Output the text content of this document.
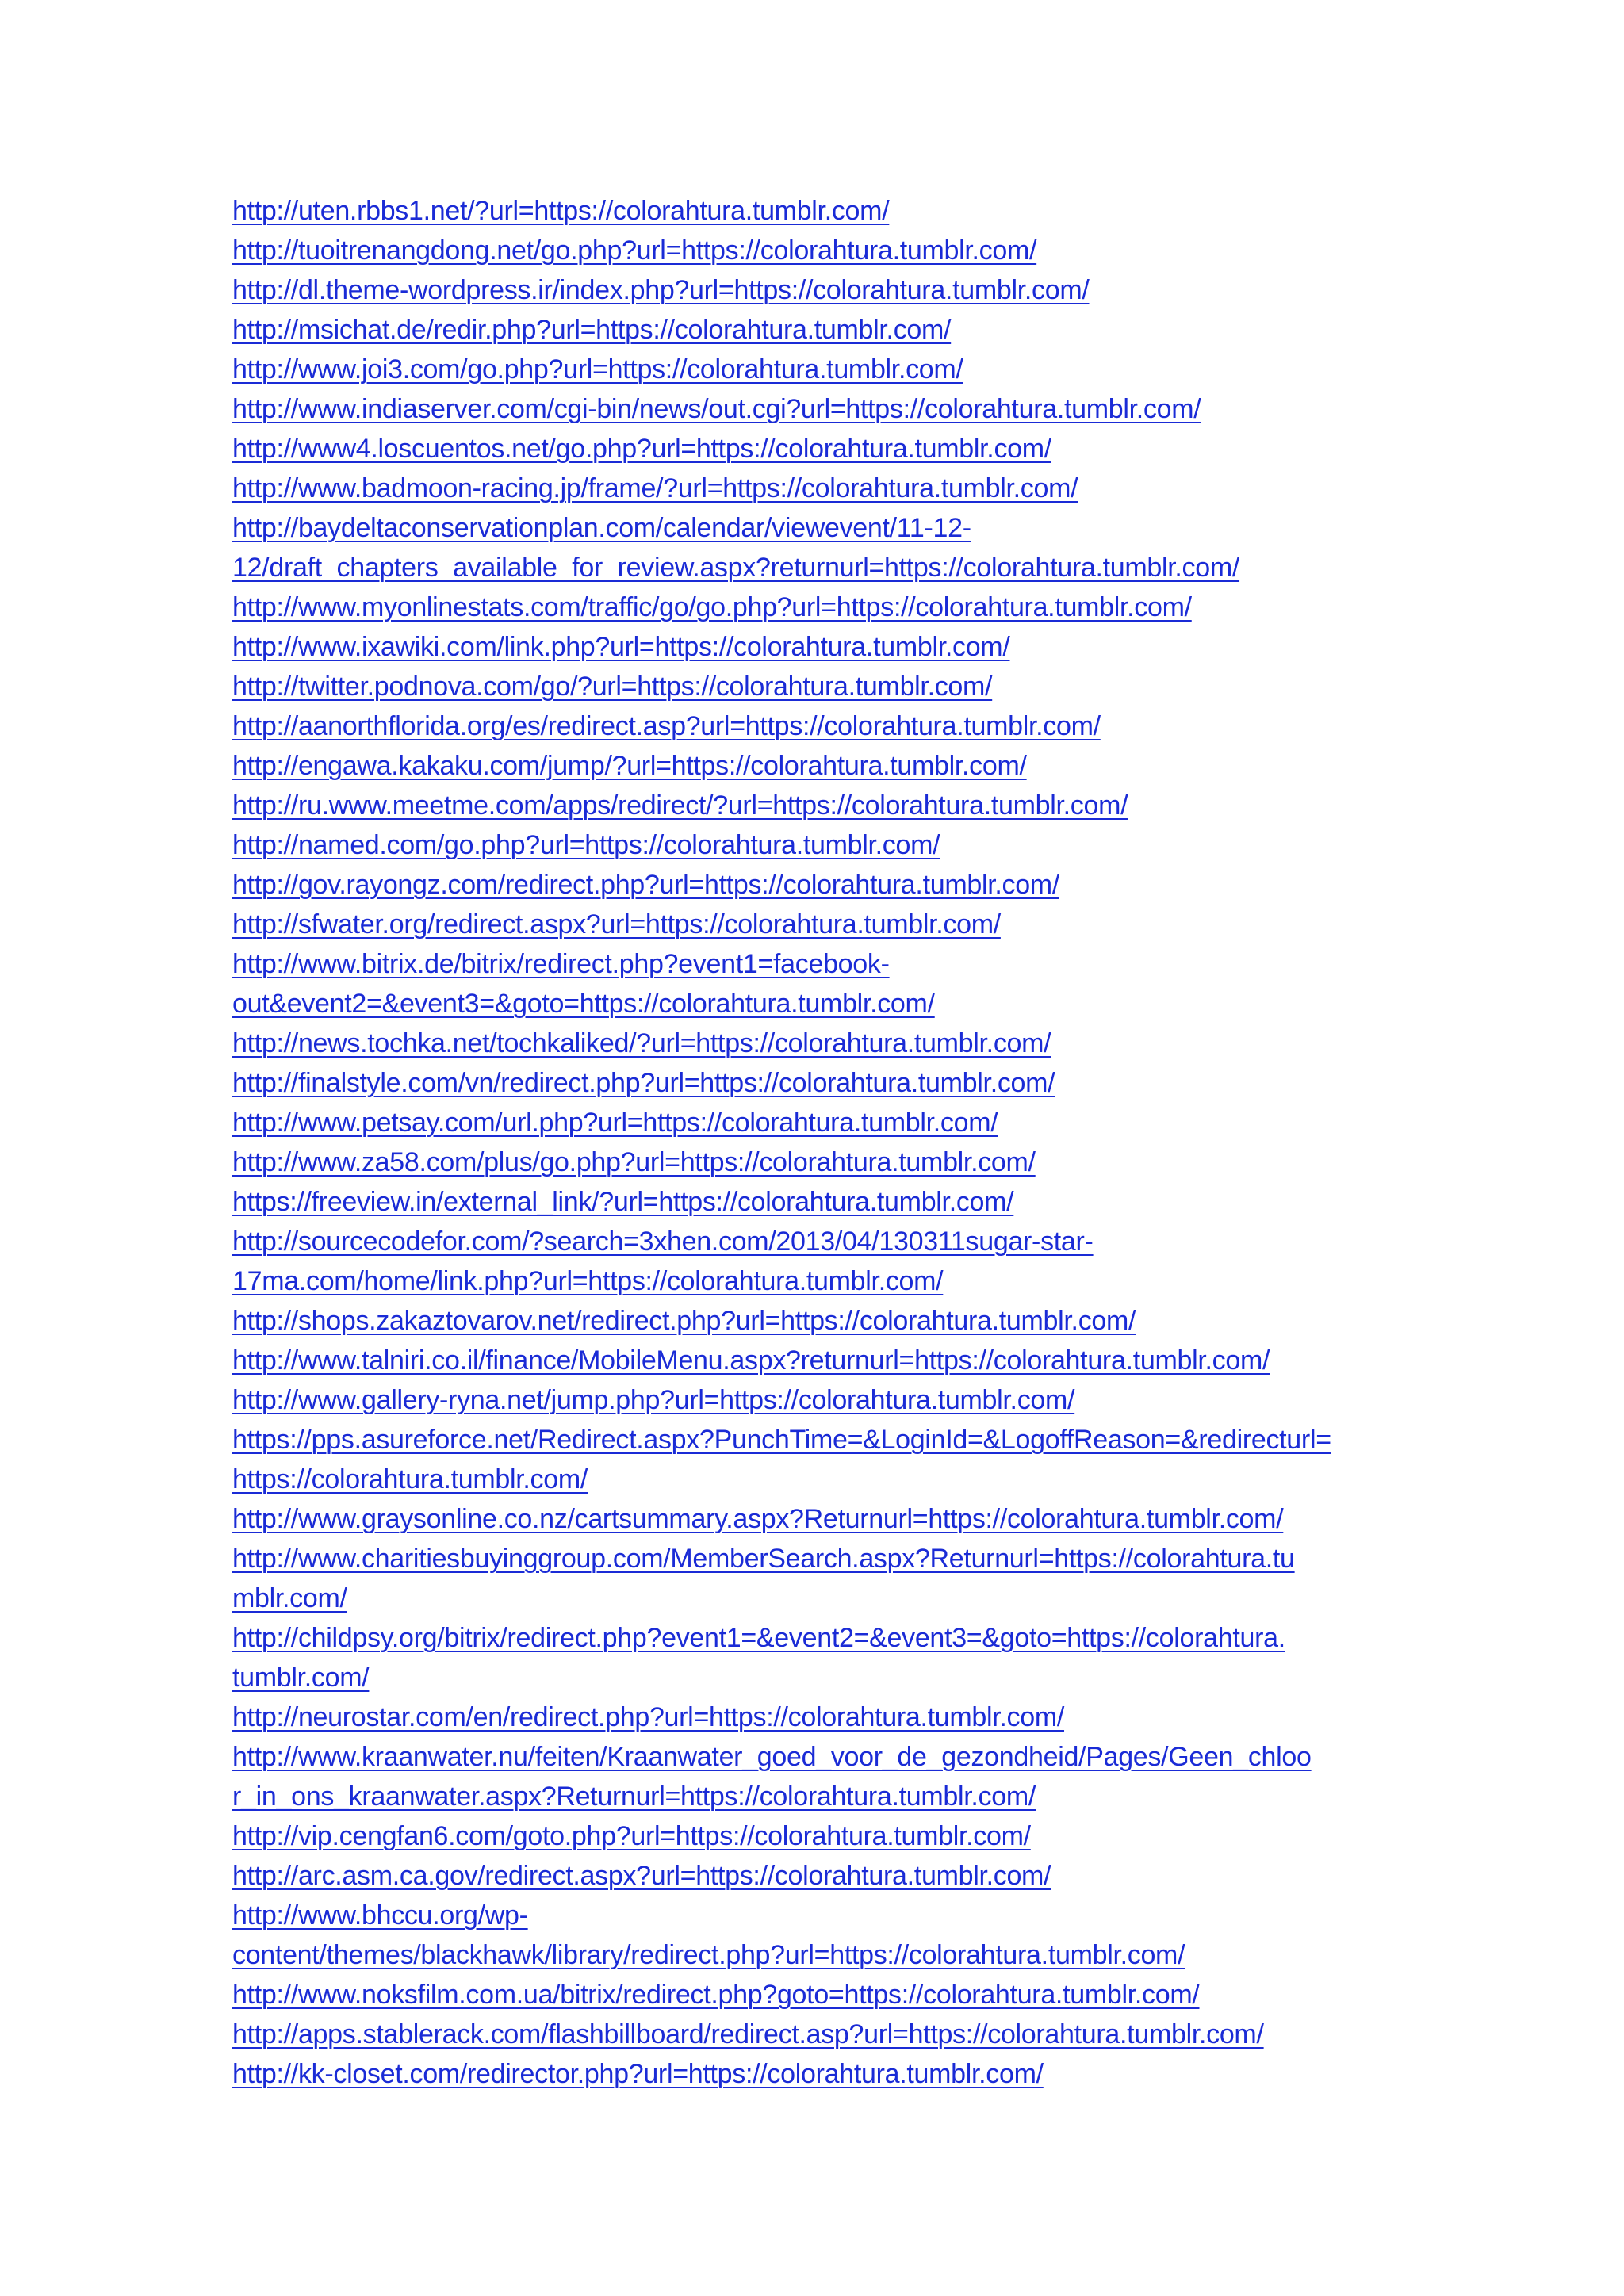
http://uten.rbbs1.net/?url=https://colorahtura.tumblr.com/
http://tuoitrenangdong.net/go.php?url=https://colorahtura.tumblr.com/
http://dl.theme-wordpress.ir/index.php?url=https://colorahtura.tumblr.com/
http://msichat.de/redir.php?url=https://colorahtura.tumblr.com/
http://www.joi3.com/go.php?url=https://colorahtura.tumblr.com/
http://www.indiaserver.com/cgi-bin/news/out.cgi?url=https://colorahtura.tumblr.com/
http://www4.loscuentos.net/go.php?url=https://colorahtura.tumblr.com/
http://www.badmoon-racing.jp/frame/?url=https://colorahtura.tumblr.com/
http://baydeltaconservationplan.com/calendar/viewevent/11-12-
12/draft_chapters_available_for_review.aspx?returnurl=https://colorahtura.tumblr.com/
http://www.myonlinestats.com/traffic/go/go.php?url=https://colorahtura.tumblr.com/
http://www.ixawiki.com/link.php?url=https://colorahtura.tumblr.com/
http://twitter.podnova.com/go/?url=https://colorahtura.tumblr.com/
http://aanorthflorida.org/es/redirect.asp?url=https://colorahtura.tumblr.com/
http://engawa.kakaku.com/jump/?url=https://colorahtura.tumblr.com/
http://ru.www.meetme.com/apps/redirect/?url=https://colorahtura.tumblr.com/
http://named.com/go.php?url=https://colorahtura.tumblr.com/
http://gov.rayongz.com/redirect.php?url=https://colorahtura.tumblr.com/
http://sfwater.org/redirect.aspx?url=https://colorahtura.tumblr.com/
http://www.bitrix.de/bitrix/redirect.php?event1=facebook-
out&event2=&event3=&goto=https://colorahtura.tumblr.com/
http://news.tochka.net/tochkaliked/?url=https://colorahtura.tumblr.com/
http://finalstyle.com/vn/redirect.php?url=https://colorahtura.tumblr.com/
http://www.petsay.com/url.php?url=https://colorahtura.tumblr.com/
http://www.za58.com/plus/go.php?url=https://colorahtura.tumblr.com/
https://freeview.in/external_link/?url=https://colorahtura.tumblr.com/
http://sourcecodefor.com/?search=3xhen.com/2013/04/130311sugar-star-
17ma.com/home/link.php?url=https://colorahtura.tumblr.com/
http://shops.zakaztovarov.net/redirect.php?url=https://colorahtura.tumblr.com/
http://www.talniri.co.il/finance/MobileMenu.aspx?returnurl=https://colorahtura.tumblr.com/
http://www.gallery-ryna.net/jump.php?url=https://colorahtura.tumblr.com/
https://pps.asureforce.net/Redirect.aspx?PunchTime=&LoginId=&LogoffReason=&redirecturl=
https://colorahtura.tumblr.com/
http://www.graysonline.co.nz/cartsummary.aspx?Returnurl=https://colorahtura.tumblr.com/
http://www.charitiesbuyinggroup.com/MemberSearch.aspx?Returnurl=https://colorahtura.tu
mblr.com/
http://childpsy.org/bitrix/redirect.php?event1=&event2=&event3=&goto=https://colorahtura.
tumblr.com/
http://neurostar.com/en/redirect.php?url=https://colorahtura.tumblr.com/
http://www.kraanwater.nu/feiten/Kraanwater_goed_voor_de_gezondheid/Pages/Geen_chloo
r_in_ons_kraanwater.aspx?Returnurl=https://colorahtura.tumblr.com/
http://vip.cengfan6.com/goto.php?url=https://colorahtura.tumblr.com/
http://arc.asm.ca.gov/redirect.aspx?url=https://colorahtura.tumblr.com/
http://www.bhccu.org/wp-
content/themes/blackhawk/library/redirect.php?url=https://colorahtura.tumblr.com/
http://www.noksfilm.com.ua/bitrix/redirect.php?goto=https://colorahtura.tumblr.com/
http://apps.stablerack.com/flashbillboard/redirect.asp?url=https://colorahtura.tumblr.com/
http://kk-closet.com/redirector.php?url=https://colorahtura.tumblr.com/
